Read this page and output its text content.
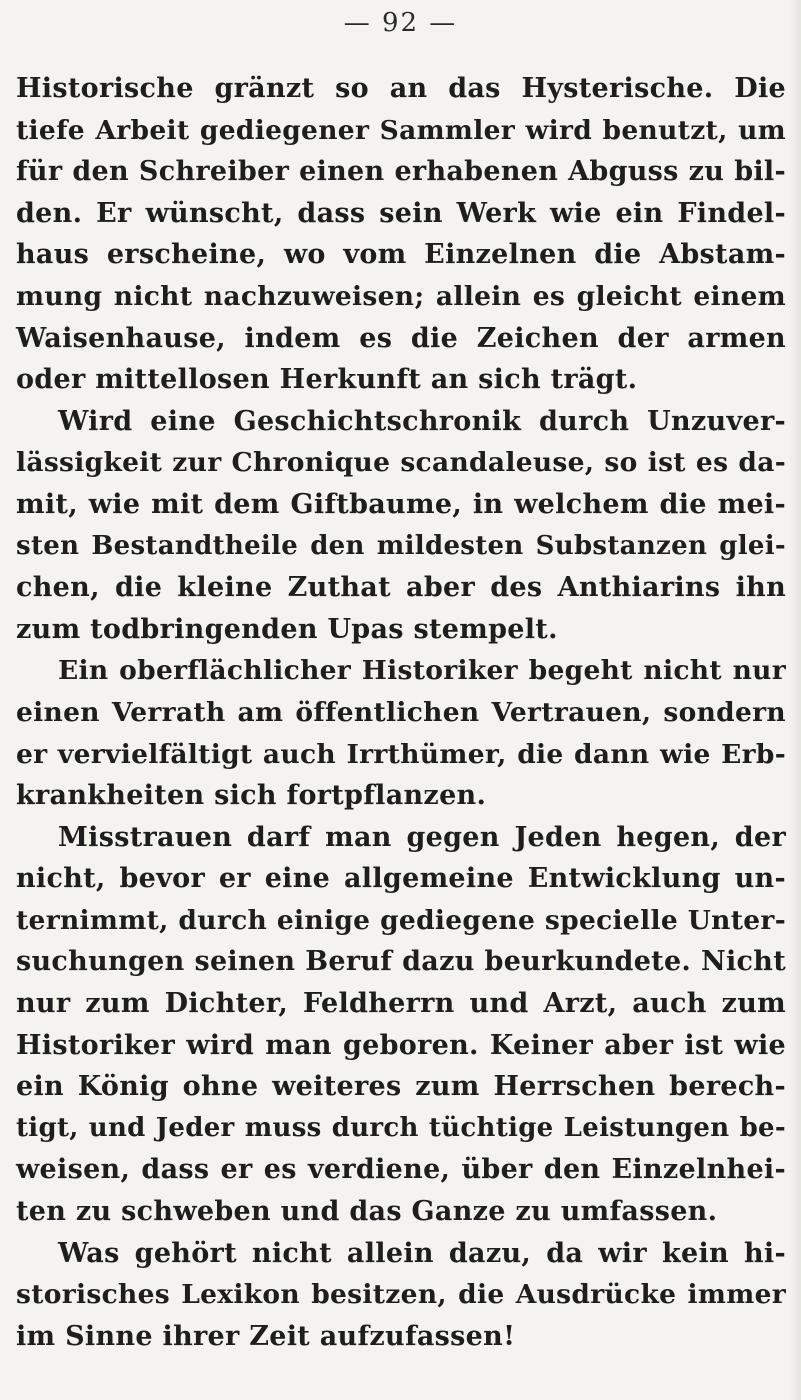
— 92 —
Historische gränzt so an das Hysterische. Die
tiefe Arbeit gediegener Sammler wird benutzt, um
für den Schreiber einen erhabenen Abguss zu bil-
den. Er wünscht, dass sein Werk wie ein Findel-
haus erscheine, wo vom Einzelnen die Abstam-
mung nicht nachzuweisen; allein es gleicht einem
Waisenhause, indem es die Zeichen der armen
oder mittellosen Herkunft an sich trägt.
Wird eine Geschichtschronik durch Unzuver-
lässigkeit zur Chronique scandaleuse, so ist es da-
mit, wie mit dem Giftbaume, in welchem die mei-
sten Bestandtheile den mildesten Substanzen glei-
chen, die kleine Zuthat aber des Anthiarins ihn
zum todbringenden Upas stempelt.
Ein oberflächlicher Historiker begeht nicht nur
einen Verrath am öffentlichen Vertrauen, sondern
er vervielfältigt auch Irrthümer, die dann wie Erb-
krankheiten sich fortpflanzen.
Misstrauen darf man gegen Jeden hegen, der
nicht, bevor er eine allgemeine Entwicklung un-
ternimmt, durch einige gediegene specielle Unter-
suchungen seinen Beruf dazu beurkundete. Nicht
nur zum Dichter, Feldherrn und Arzt, auch zum
Historiker wird man geboren. Keiner aber ist wie
ein König ohne weiteres zum Herrschen berech-
tigt, und Jeder muss durch tüchtige Leistungen be-
weisen, dass er es verdiene, über den Einzelnhei-
ten zu schweben und das Ganze zu umfassen.
Was gehört nicht allein dazu, da wir kein hi-
storisches Lexikon besitzen, die Ausdrücke immer
im Sinne ihrer Zeit aufzufassen!
